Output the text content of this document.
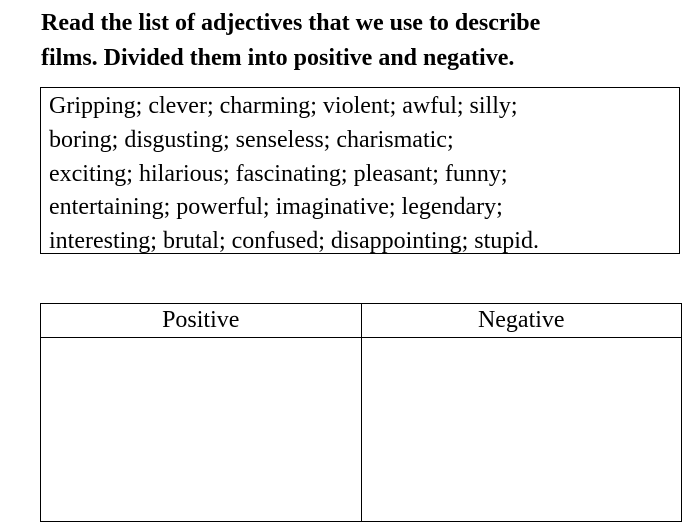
Read the list of adjectives that we use to describe
films. Divided them into positive and negative.
Gripping; clever; charming; violent; awful; silly;
boring; disgusting; senseless; charismatic;
exciting; hilarious; fascinating; pleasant; funny;
entertaining; powerful; imaginative; legendary;
interesting; brutal; confused; disappointing; stupid.
Positive	Negative
